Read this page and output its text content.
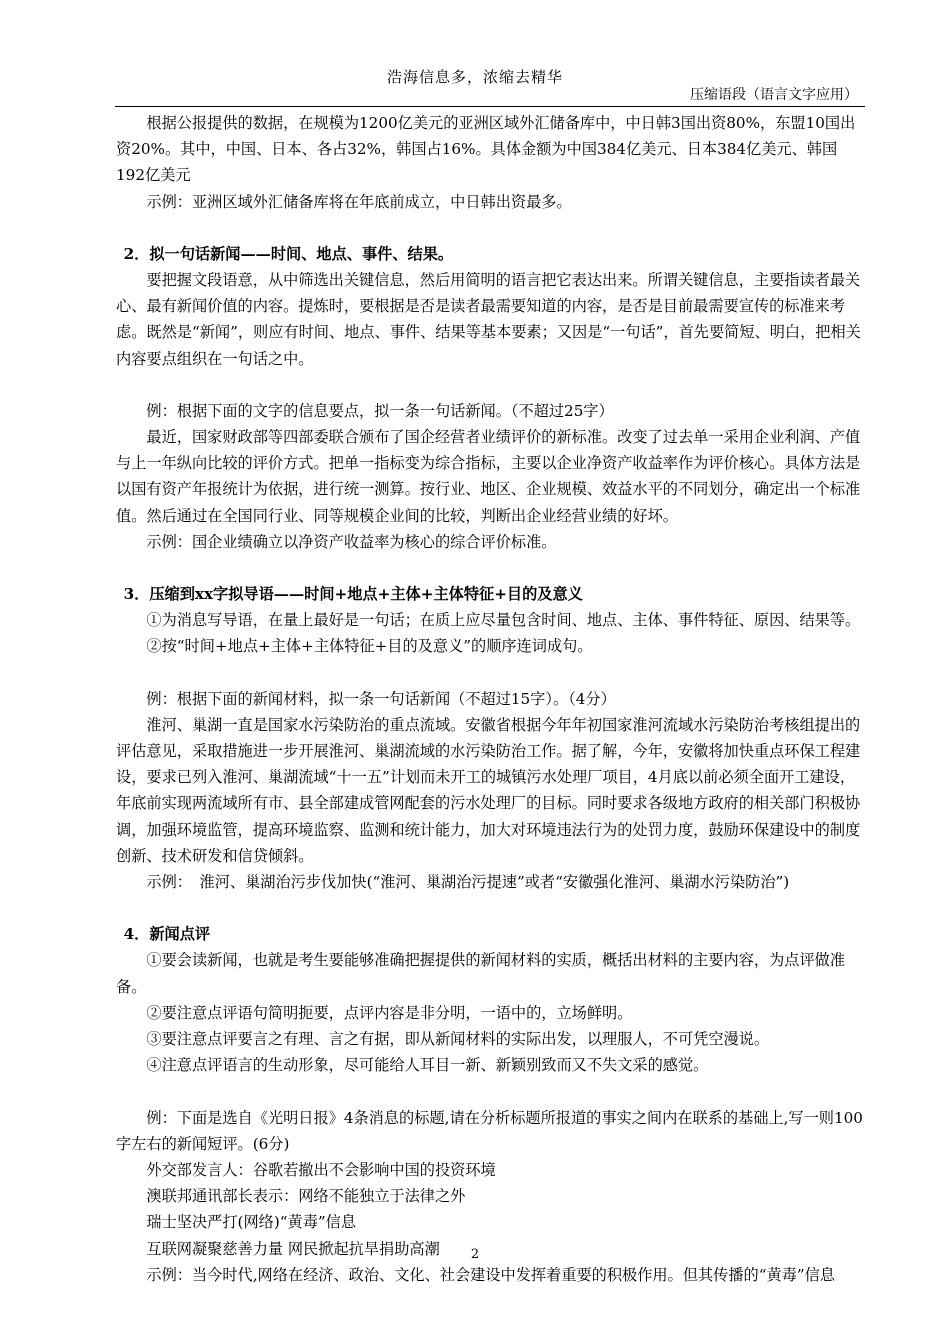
浩海信息多，浓缩去精华
压缩语段（语言文字应用）

根据公报提供的数据，在规模为1200亿美元的亚洲区域外汇储备库中，中日韩3国出资80%，东盟10国出资20%。其中，中国、日本、各占32%，韩国占16%。具体金额为中国384亿美元、日本384亿美元、韩国192亿美元

示例：亚洲区域外汇储备库将在年底前成立，中日韩出资最多。

2．拟一句话新闻——时间、地点、事件、结果。

要把握文段语意，从中筛选出关键信息，然后用简明的语言把它表达出来。所谓关键信息，主要指读者最关心、最有新闻价值的内容。提炼时，要根据是否是读者最需要知道的内容，是否是目前最需要宣传的标准来考虑。既然是“新闻”，则应有时间、地点、事件、结果等基本要素；又因是“一句话”，首先要简短、明白，把相关内容要点组织在一句话之中。

例：根据下面的文字的信息要点，拟一条一句话新闻。（不超过25字）

最近，国家财政部等四部委联合颁布了国企经营者业绩评价的新标准。改变了过去单一采用企业利润、产值与上一年纵向比较的评价方式。把单一指标变为综合指标，主要以企业净资产收益率作为评价核心。具体方法是以国有资产年报统计为依据，进行统一测算。按行业、地区、企业规模、效益水平的不同划分，确定出一个标准值。然后通过在全国同行业、同等规模企业间的比较，判断出企业经营业绩的好坏。

示例：国企业绩确立以净资产收益率为核心的综合评价标准。

3．压缩到xx字拟导语——时间+地点+主体+主体特征+目的及意义

①为消息写导语，在量上最好是一句话；在质上应尽量包含时间、地点、主体、事件特征、原因、结果等。

②按“时间+地点+主体+主体特征+目的及意义”的顺序连词成句。

例：根据下面的新闻材料，拟一条一句话新闻（不超过15字）。（4分）

淮河、巢湖一直是国家水污染防治的重点流域。安徽省根据今年年初国家淮河流域水污染防治考核组提出的评估意见，采取措施进一步开展淮河、巢湖流域的水污染防治工作。据了解，今年，安徽将加快重点环保工程建设，要求已列入淮河、巢湖流域“十一五”计划而未开工的城镇污水处理厂项目，4月底以前必须全面开工建设，年底前实现两流域所有市、县全部建成管网配套的污水处理厂的目标。同时要求各级地方政府的相关部门积极协调，加强环境监管，提高环境监察、监测和统计能力，加大对环境违法行为的处罚力度，鼓励环保建设中的制度创新、技术研发和信贷倾斜。

示例：　淮河、巢湖治污步伐加快(“淮河、巢湖治污提速”或者“安徽强化淮河、巢湖水污染防治”)

4．新闻点评

①要会读新闻，也就是考生要能够准确把握提供的新闻材料的实质，概括出材料的主要内容，为点评做准备。

②要注意点评语句简明扼要，点评内容是非分明，一语中的，立场鲜明。

③要注意点评要言之有理、言之有据，即从新闻材料的实际出发，以理服人，不可凭空漫说。

④注意点评语言的生动形象，尽可能给人耳目一新、新颖别致而又不失文采的感觉。

例：下面是选自《光明日报》4条消息的标题,请在分析标题所报道的事实之间内在联系的基础上,写一则100字左右的新闻短评。(6分)

外交部发言人：谷歌若撤出不会影响中国的投资环境

澳联邦通讯部长表示：网络不能独立于法律之外

瑞士坚决严打(网络)“黄毒”信息

互联网凝聚慈善力量 网民掀起抗旱捐助高潮

示例：当今时代,网络在经济、政治、文化、社会建设中发挥着重要的积极作用。但其传播的“黄毒”信息

2
